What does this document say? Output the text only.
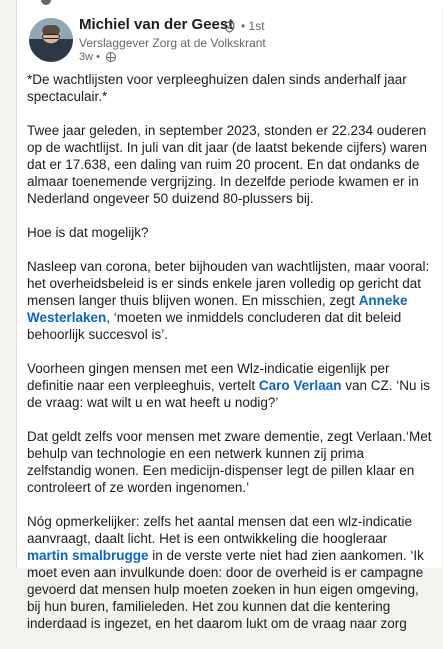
Michiel van der Geest • 1st
Verslaggever Zorg at de Volkskrant
3w •

*De wachtlijsten voor verpleeghuizen dalen sinds anderhalf jaar spectaculair.*

Twee jaar geleden, in september 2023, stonden er 22.234 ouderen op de wachtlijst. In juli van dit jaar (de laatst bekende cijfers) waren dat er 17.638, een daling van ruim 20 procent. En dat ondanks de almaar toenemende vergrijzing. In dezelfde periode kwamen er in Nederland ongeveer 50 duizend 80-plussers bij.

Hoe is dat mogelijk?

Nasleep van corona, beter bijhouden van wachtlijsten, maar vooral: het overheidsbeleid is er sinds enkele jaren volledig op gericht dat mensen langer thuis blijven wonen. En misschien, zegt Anneke Westerlaken, ‘moeten we inmiddels concluderen dat dit beleid behoorlijk succesvol is’.

Voorheen gingen mensen met een Wlz-indicatie eigenlijk per definitie naar een verpleeghuis, vertelt Caro Verlaan van CZ. ‘Nu is de vraag: wat wilt u en wat heeft u nodig?’

Dat geldt zelfs voor mensen met zware dementie, zegt Verlaan.‘Met behulp van technologie en een netwerk kunnen zij prima zelfstandig wonen. Een medicijn-dispenser legt de pillen klaar en controleert of ze worden ingenomen.’

Nóg opmerkelijker: zelfs het aantal mensen dat een wlz-indicatie aanvraagt, daalt licht. Het is een ontwikkeling die hoogleraar martin smalbrugge in de verste verte niet had zien aankomen. ‘Ik moet even aan invulkunde doen: door de overheid is er campagne gevoerd dat mensen hulp moeten zoeken in hun eigen omgeving, bij hun buren, familieleden. Het zou kunnen dat die kentering inderdaad is ingezet, en het daarom lukt om de vraag naar zorg
